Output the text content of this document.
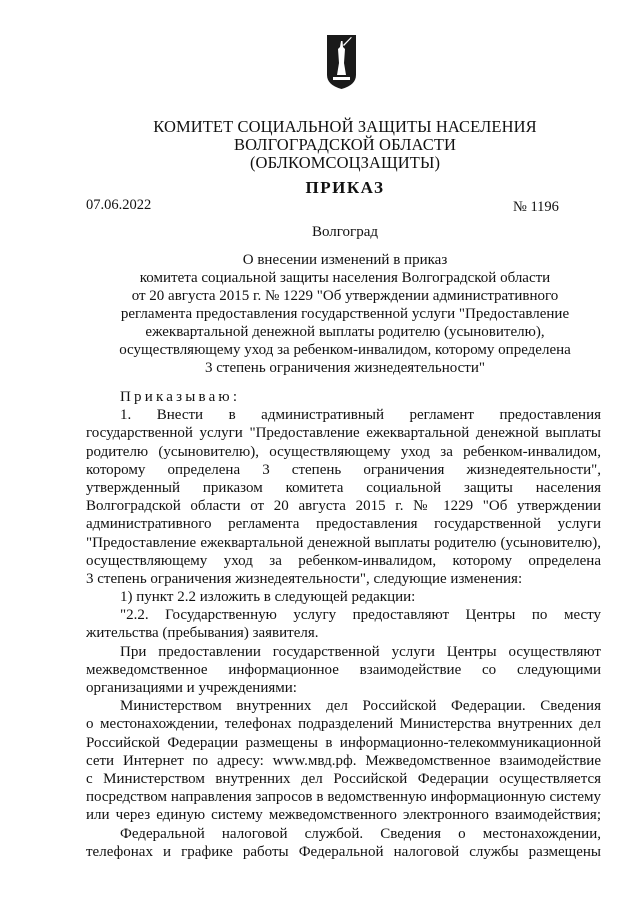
КОМИТЕТ СОЦИАЛЬНОЙ ЗАЩИТЫ НАСЕЛЕНИЯ
ВОЛГОГРАДСКОЙ ОБЛАСТИ
(ОБЛКОМСОЦЗАЩИТЫ)
ПРИКАЗ
07.06.2022	№ 1196
Волгоград
О внесении изменений в приказ
комитета социальной защиты населения Волгоградской области
от 20 августа 2015 г. № 1229 "Об утверждении административного
регламента предоставления государственной услуги "Предоставление
ежеквартальной денежной выплаты родителю (усыновителю),
осуществляющему уход за ребенком-инвалидом, которому определена
3 степень ограничения жизнедеятельности"
Приказываю:
1. Внести в административный регламент предоставления
государственной услуги "Предоставление ежеквартальной денежной выплаты
родителю (усыновителю), осуществляющему уход за ребенком-инвалидом,
которому определена 3 степень ограничения жизнедеятельности",
утвержденный приказом комитета социальной защиты населения
Волгоградской области от 20 августа 2015 г. № 1229 "Об утверждении
административного регламента предоставления государственной услуги
"Предоставление ежеквартальной денежной выплаты родителю (усыновителю),
осуществляющему уход за ребенком-инвалидом, которому определена
3 степень ограничения жизнедеятельности", следующие изменения:
1) пункт 2.2 изложить в следующей редакции:
"2.2. Государственную услугу предоставляют Центры по месту
жительства (пребывания) заявителя.
При предоставлении государственной услуги Центры осуществляют
межведомственное информационное взаимодействие со следующими
организациями и учреждениями:
Министерством внутренних дел Российской Федерации. Сведения
о местонахождении, телефонах подразделений Министерства внутренних дел
Российской Федерации размещены в информационно-телекоммуникационной
сети Интернет по адресу: www.мвд.рф. Межведомственное взаимодействие
с Министерством внутренних дел Российской Федерации осуществляется
посредством направления запросов в ведомственную информационную систему
или через единую систему межведомственного электронного взаимодействия;
Федеральной налоговой службой. Сведения о местонахождении,
телефонах и графике работы Федеральной налоговой службы размещены
